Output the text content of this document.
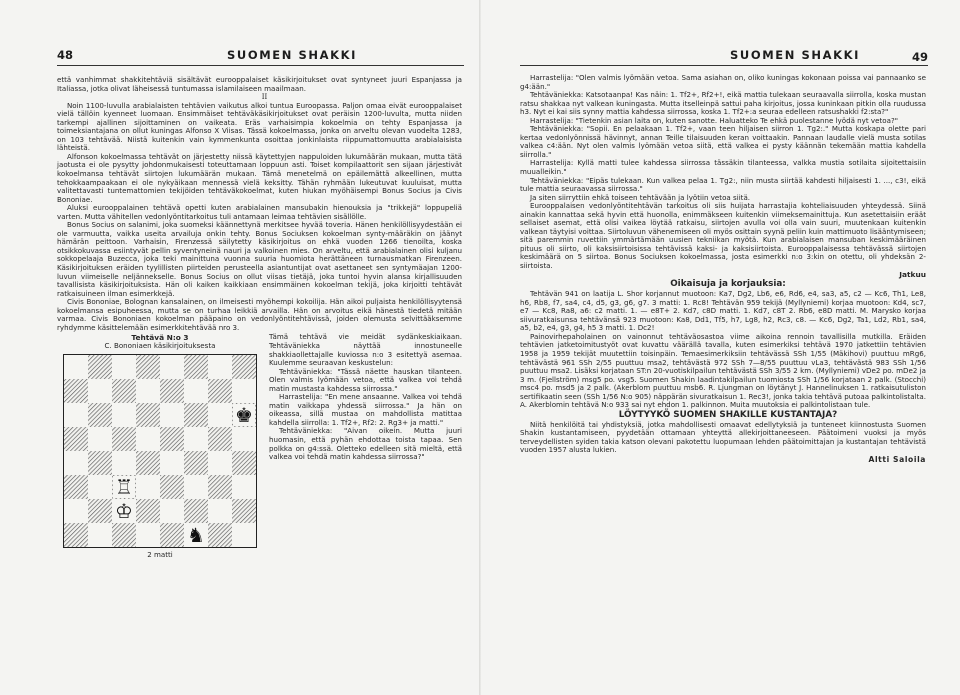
48	SUOMEN SHAKKI

että vanhimmat shakkitehtäviä sisältävät eurooppalaiset käsikirjoitukset ovat syntyneet juuri Espanjassa ja Italiassa, jotka olivat läheisessä tuntumassa islamilaiseen maailmaan.

II

Noin 1100-luvulla arabialaisten tehtävien vaikutus alkoi tuntua Euroopassa. Paljon omaa eivät eurooppalaiset vielä tällöin kyenneet luomaan. Ensimmäiset tehtäväkäsikirjoitukset ovat peräisin 1200-luvulta, mutta niiden tarkempi ajallinen sijoittaminen on vaikeata. Eräs varhaisimpia kokoelmia on tehty Espanjassa ja toimeksiantajana on ollut kuningas Alfonso X Viisas. Tässä kokoelmassa, jonka on arveltu olevan vuodelta 1283, on 103 tehtävää. Niistä kuitenkin vain kymmenkunta osoittaa jonkinlaista riippumattomuutta arabialaisista lähteistä.

Alfonson kokoelmassa tehtävät on järjestetty niissä käytettyjen nappuloiden lukumäärän mukaan, mutta tätä jaotusta ei ole pysytty johdonmukaisesti toteuttamaan loppuun asti. Toiset kompilaattorit sen sijaan järjestivät kokoelmansa tehtävät siirtojen lukumäärän mukaan. Tämä menetelmä on epäilemättä alkeellinen, mutta tehokkaampaakaan ei ole nykyäikaan mennessä vielä keksitty. Tähän ryhmään lukeutuvat kuuluisat, mutta valitettavasti tuntemattomien tekijöiden tehtäväkokoelmat, kuten hiukan myöhäisempi Bonus Socius ja Civis Bononiae.

Aluksi eurooppalainen tehtävä opetti kuten arabialainen mansubakin hienouksia ja "trikkejä" loppupeliä varten. Mutta vähitellen vedonlyöntitarkoitus tuli antamaan leimaa tehtävien sisällölle.

Bonus Socius on salanimi, joka suomeksi käännettynä merkitsee hyvää toveria. Hänen henkilöllisyydestään ei ole varmuutta, vaikka useita arvailuja onkin tehty. Bonus Sociuksen kokoelman synty-määräkin on jäänyt hämärän peittoon. Varhaisin, Firenzessä säilytetty käsikirjoitus on ehkä vuoden 1266 tienoilta, koska otsikkokuvassa esiintyvät pellin syventyneinä nauri ja valkoinen mies. On arveltu, että arabialainen olisi kuljanu sokkopelaaja Buzecca, joka teki mainittuna vuonna suuria huomiota herättäneen turnausmatkan Firenzeen. Käsikirjoituksen eräiden tyylillisten piirteiden perusteella asiantuntijat ovat asettaneet sen syntymäajan 1200-luvun viimeiselle neljännekselle. Bonus Socius on ollut viisas tietäjä, joka tuntoi hyvin alansa kirjallisuuden tavallisista käsikirjoituksista. Hän oli kaiken kaikkiaan ensimmäinen kokoelman tekijä, joka kirjoitti tehtävät ratkaisuineen ilman esimerkkejä.

Civis Bononiae, Bolognan kansalainen, on ilmeisesti myöhempi kokoilija. Hän aikoi puljaista henkilöllisyytensä kokoelmansa esipuheessa, mutta se on turhaa leikkiä arvailla. Hän on arvoitus eikä hänestä tiedetä mitään varmaa. Civis Bononiaen kokoelman pääpaino on vedonlyöntitehtävissä, joiden olemusta selvittääksemme ryhdymme käsittelemään esimerkkitehtävää nro 3.

Tehtävä N:o 3
C. Bononiaen käsikirjoituksesta
♚
♖
♔
♞
2 matti

Tämä tehtävä vie meidät sydänkeskiaikaan. Tehtäväniekka näyttää innostuneelle shakkiaollettajalle kuviossa n:o 3 esitettyä asemaa. Kuulemme seuraavan keskustelun:

Tehtäväniekka: "Tässä näette hauskan tilanteen. Olen valmis lyömään vetoa, että valkea voi tehdä matin mustasta kahdessa siirrossa."

Harrastelija: "En mene ansaanne. Valkea voi tehdä matin vaikkapa yhdessä siirrossa." Ja hän on oikeassa, sillä mustaa on mahdollista matittaa kahdella siirrolla: 1. Tf2+, Rf2: 2. Rg3+ ja matti."

Tehtäväniekka: "Aivan oikein. Mutta juuri huomasin, että pyhän ehdottaa toista tapaa. Sen polkka on g4:ssä. Oletteko edelleen sitä mieltä, että valkea voi tehdä matin kahdessa siirrossa?"

SUOMEN SHAKKI	49

Harrastelija: "Olen valmis lyömään vetoa. Sama asiahan on, oliko kuningas kokonaan poissa vai pannaanko se g4:ään."

Tehtäväniekka: Katsotaanpa! Kas näin: 1. Tf2+, Rf2+!, eikä mattia tulekaan seuraavalla siirrolla, koska mustan ratsu shakkaa nyt valkean kuningasta. Mutta itselleinpä sattui paha kirjoitus, jossa kuninkaan pitkin olla ruudussa h3. Nyt ei kai siis synny mattia kahdessa siirrossa, koska 1. Tf2+:a seuraa edelleen ratsushakki f2:sta?"

Harrastelija: "Tietenkin asian laita on, kuten sanotte. Haluatteko Te ehkä puolestanne lyödä nyt vetoa?"

Tehtäväniekka: "Sopii. En pelaakaan 1. Tf2+, vaan teen hiljaisen siirron 1. Tg2:." Mutta koskapa olette pari kertaa vedonlyönnissä hävinnyt, annan Teille tilaisuuden keran voittaakin. Pannaan laudalle vielä musta sotilas valkea c4:ään. Nyt olen valmis lyömään vetoa siitä, että valkea ei pysty käännän tekemään mattia kahdella siirrolla."

Harrastelija: Kyllä matti tulee kahdessa siirrossa tässäkin tilanteessa, valkka mustia sotilaita sijoitettaisiin muualleikin."

Tehtäväniekka: "Eipäs tulekaan. Kun valkea pelaa 1. Tg2:, niin musta siirtää kahdesti hiljaisesti 1. ..., c3!, eikä tule mattia seuraavassa siirrossa."

Ja siten siirryttiin ehkä toiseen tehtävään ja lyötiin vetoa siitä.

Eurooppalaisen vedonlyöntitehtävän tarkoitus oli siis huijata harrastajia kohteliaisuuden yhteydessä. Siinä ainakin kannattaa sekä hyvin että huonolla, enimmäkseen kuitenkin viimeksemainittuja. Kun asetettaisiin eräät sellaiset asemat, että olisi vaikea löytää ratkaisu, siirtojen avulla voi olla vain suuri, muutenkaan kuitenkin valkean täytyisi voittaa. Siirtoluvun vähenemiseen oli myös osittain syynä peliin kuin mattimuoto lisääntymiseen; sitä paremmin ruvettiin ymmärtämään uusien tekniikan myötä. Kun arabialaisen mansuban keskimääräinen pituus oli siirto, oli kaksisiirtoisissa tehtävissä kaksi- ja kaksisiirtoista. Eurooppalaisessa tehtävässä siirtojen keskimäärä on 5 siirtoa. Bonus Sociuksen kokoelmassa, josta esimerkki n:o 3:kin on otettu, oli yhdeksän 2-siirtoista.

Jatkuu

Oikaisuja ja korjauksia:

Tehtävän 941 on laatija L. Shor korjannut muotoon: Ka7, Dg2, Lb6, e6, Rd6, e4, sa3, a5, c2 — Kc6, Th1, Le8, h6, Rb8, f7, sa4, c4, d5, g3, g6, g7. 3 matti: 1. Rc8! Tehtävän 959 tekijä (Myllyniemi) korjaa muotoon: Kd4, sc7, e7 — Kc8, Ra8, a6: c2 matti. 1. — e8T+ 2. Kd7, c8D matti. 1. Kd7, c8T 2. Rb6, e8D matti. M. Marysko korjaa siivuratkaisunsa tehtävänsä 923 muotoon: Ka8, Dd1, Tf5, h7, Lg8, h2, Rc3, c8. — Kc6, Dg2, Ta1, Ld2, Rb1, sa4, a5, b2, e4, g3, g4, h5 3 matti. 1. Dc2!

Painovirhepaholainen on vainonnut tehtäväosastoa viime aikoina rennoin tavallisilla mutkilla. Eräiden tehtävien jatketoimitustyöt ovat kuvattu väärällä tavalla, kuten esimerkiksi tehtävä 1970 jatkettiin tehtävien 1958 ja 1959 tekijät muutettiin toisinpäin. Temaesimerkiksiin tehtävässä SSh 1/55 (Mäkihovi) puuttuu mRg6, tehtävästä 961 SSh 2/55 puuttuu msa2, tehtävästä 972 SSh 7—8/55 puuttuu vLa3, tehtävästä 983 SSh 1/56 puuttuu msa2. Lisäksi korjataan ST:n 20-vuotiskilpailun tehtävästä SSh 3/55 2 km. (Myllyniemi) vDe2 po. mDe2 ja 3 m. (Fjellström) msg5 po. vsg5. Suomen Shakin laadintakilpailun tuomiosta SSh 1/56 korjataan 2 palk. (Stocchi) msc4 po. msd5 ja 2 palk. (Akerblom puuttuu msb6. R. Ljungman on löytänyt J. Hannelinuksen 1. ratkaisutuliston sertifikaatin seen (SSh 1/56 N:o 905) näppärän sivuratkaisun 1. Rec3!, jonka takia tehtävä putoaa palkintolistalta. A. Akerblomin tehtävä N:o 933 sai nyt ehdon 1. palkinnon. Muita muutoksia ei palkintolistaan tule.

LÖYTYYKÖ SUOMEN SHAKILLE KUSTANTAJA?

Niitä henkilöitä tai yhdistyksiä, jotka mahdollisesti omaavat edellytyksiä ja tunteneet kiinnostusta Suomen Shakin kustantamiseen, pyydetään ottamaan yhteyttä allekirjoittaneeseen. Päätoimeni vuoksi ja myös terveydellisten syiden takia katson olevani pakotettu luopumaan lehden päätoimittajan ja kustantajan tehtävistä vuoden 1957 alusta lukien.

Altti Saloila
